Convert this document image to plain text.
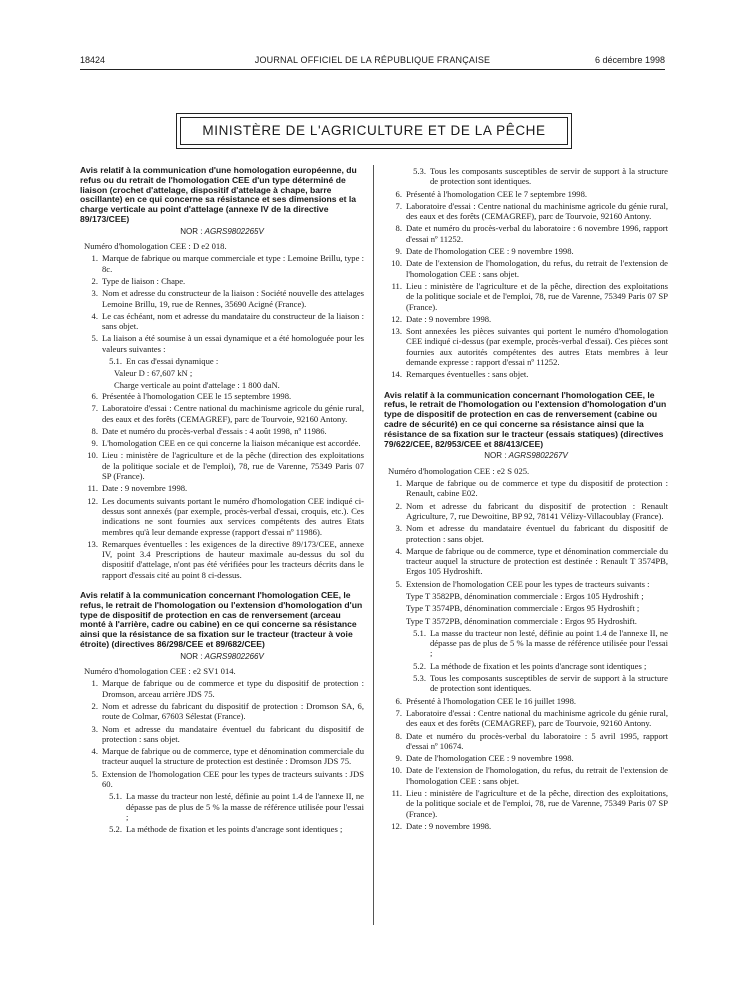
18424	JOURNAL OFFICIEL DE LA RÉPUBLIQUE FRANÇAISE	6 décembre 1998
MINISTÈRE DE L'AGRICULTURE ET DE LA PÊCHE
Avis relatif à la communication d'une homologation européenne, du refus ou du retrait de l'homologation CEE d'un type déterminé de liaison (crochet d'attelage, dispositif d'attelage à chape, barre oscillante) en ce qui concerne sa résistance et ses dimensions et la charge verticale au point d'attelage (annexe IV de la directive 89/173/CEE)
NOR : AGRS9802265V
Numéro d'homologation CEE : D e2 018.
1. Marque de fabrique ou marque commerciale et type : Lemoine Brillu, type : 8c.
2. Type de liaison : Chape.
3. Nom et adresse du constructeur de la liaison : Société nouvelle des attelages Lemoine Brillu, 19, rue de Rennes, 35690 Acigné (France).
4. Le cas échéant, nom et adresse du mandataire du constructeur de la liaison : sans objet.
5. La liaison a été soumise à un essai dynamique et a été homologuée pour les valeurs suivantes :
5.1. En cas d'essai dynamique :
Valeur D : 67,607 kN ;
Charge verticale au point d'attelage : 1 800 daN.
6. Présentée à l'homologation CEE le 15 septembre 1998.
7. Laboratoire d'essai : Centre national du machinisme agricole du génie rural, des eaux et des forêts (CEMAGREF), parc de Tourvoie, 92160 Antony.
8. Date et numéro du procès-verbal d'essais : 4 août 1998, nº 11986.
9. L'homologation CEE en ce qui concerne la liaison mécanique est accordée.
10. Lieu : ministère de l'agriculture et de la pêche (direction des exploitations de la politique sociale et de l'emploi), 78, rue de Varenne, 75349 Paris 07 SP (France).
11. Date : 9 novembre 1998.
12. Les documents suivants portant le numéro d'homologation CEE indiqué ci-dessus sont annexés (par exemple, procès-verbal d'essai, croquis, etc.). Ces indications ne sont fournies aux services compétents des autres Etats membres qu'à leur demande expresse (rapport d'essai nº 11986).
13. Remarques éventuelles : les exigences de la directive 89/173/CEE, annexe IV, point 3.4 Prescriptions de hauteur maximale au-dessus du sol du dispositif d'attelage, n'ont pas été vérifiées pour les tracteurs décrits dans le rapport d'essais cité au point 8 ci-dessus.
Avis relatif à la communication concernant l'homologation CEE, le refus, le retrait de l'homologation ou l'extension d'homologation d'un type de dispositif de protection en cas de renversement (arceau monté à l'arrière, cadre ou cabine) en ce qui concerne sa résistance ainsi que la résistance de sa fixation sur le tracteur (tracteur à voie étroite) (directives 86/298/CEE et 89/682/CEE)
NOR : AGRS9802266V
Numéro d'homologation CEE : e2 SV1 014.
1. Marque de fabrique ou de commerce et type du dispositif de protection : Dromson, arceau arrière JDS 75.
2. Nom et adresse du fabricant du dispositif de protection : Dromson SA, 6, route de Colmar, 67603 Sélestat (France).
3. Nom et adresse du mandataire éventuel du fabricant du dispositif de protection : sans objet.
4. Marque de fabrique ou de commerce, type et dénomination commerciale du tracteur auquel la structure de protection est destinée : Dromson JDS 75.
5. Extension de l'homologation CEE pour les types de tracteurs suivants : JDS 60.
5.1. La masse du tracteur non lesté, définie au point 1.4 de l'annexe II, ne dépasse pas de plus de 5 % la masse de référence utilisée pour l'essai ;
5.2. La méthode de fixation et les points d'ancrage sont identiques ;
5.3. Tous les composants susceptibles de servir de support à la structure de protection sont identiques.
6. Présenté à l'homologation CEE le 7 septembre 1998.
7. Laboratoire d'essai : Centre national du machinisme agricole du génie rural, des eaux et des forêts (CEMAGREF), parc de Tourvoie, 92160 Antony.
8. Date et numéro du procès-verbal du laboratoire : 6 novembre 1996, rapport d'essai nº 11252.
9. Date de l'homologation CEE : 9 novembre 1998.
10. Date de l'extension de l'homologation, du refus, du retrait de l'extension de l'homologation CEE : sans objet.
11. Lieu : ministère de l'agriculture et de la pêche, direction des exploitations de la politique sociale et de l'emploi, 78, rue de Varenne, 75349 Paris 07 SP (France).
12. Date : 9 novembre 1998.
13. Sont annexées les pièces suivantes qui portent le numéro d'homologation CEE indiqué ci-dessus (par exemple, procès-verbal d'essai). Ces pièces sont fournies aux autorités compétentes des autres Etats membres à leur demande expresse : rapport d'essai nº 11252.
14. Remarques éventuelles : sans objet.
Avis relatif à la communication concernant l'homologation CEE, le refus, le retrait de l'homologation ou l'extension d'homologation d'un type de dispositif de protection en cas de renversement (cabine ou cadre de sécurité) en ce qui concerne sa résistance ainsi que la résistance de sa fixation sur le tracteur (essais statiques) (directives 79/622/CEE, 82/953/CEE et 88/413/CEE)
NOR : AGRS9802267V
Numéro d'homologation CEE : e2 S 025.
1. Marque de fabrique ou de commerce et type du dispositif de protection : Renault, cabine E02.
2. Nom et adresse du fabricant du dispositif de protection : Renault Agriculture, 7, rue Dewoitine, BP 92, 78141 Vélizy-Villacoublay (France).
3. Nom et adresse du mandataire éventuel du fabricant du dispositif de protection : sans objet.
4. Marque de fabrique ou de commerce, type et dénomination commerciale du tracteur auquel la structure de protection est destinée : Renault T 3574PB, Ergos 105 Hydroshift.
5. Extension de l'homologation CEE pour les types de tracteurs suivants :
Type T 3582PB, dénomination commerciale : Ergos 105 Hydroshift ;
Type T 3574PB, dénomination commerciale : Ergos 95 Hydroshift ;
Type T 3572PB, dénomination commerciale : Ergos 95 Hydroshift.
5.1. La masse du tracteur non lesté, définie au point 1.4 de l'annexe II, ne dépasse pas de plus de 5 % la masse de référence utilisée pour l'essai ;
5.2. La méthode de fixation et les points d'ancrage sont identiques ;
5.3. Tous les composants susceptibles de servir de support à la structure de protection sont identiques.
6. Présenté à l'homologation CEE le 16 juillet 1998.
7. Laboratoire d'essai : Centre national du machinisme agricole du génie rural, des eaux et des forêts (CEMAGREF), parc de Tourvoie, 92160 Antony.
8. Date et numéro du procès-verbal du laboratoire : 5 avril 1995, rapport d'essai nº 10674.
9. Date de l'homologation CEE : 9 novembre 1998.
10. Date de l'extension de l'homologation, du refus, du retrait de l'extension de l'homologation CEE : sans objet.
11. Lieu : ministère de l'agriculture et de la pêche, direction des exploitations, de la politique sociale et de l'emploi, 78, rue de Varenne, 75349 Paris 07 SP (France).
12. Date : 9 novembre 1998.
